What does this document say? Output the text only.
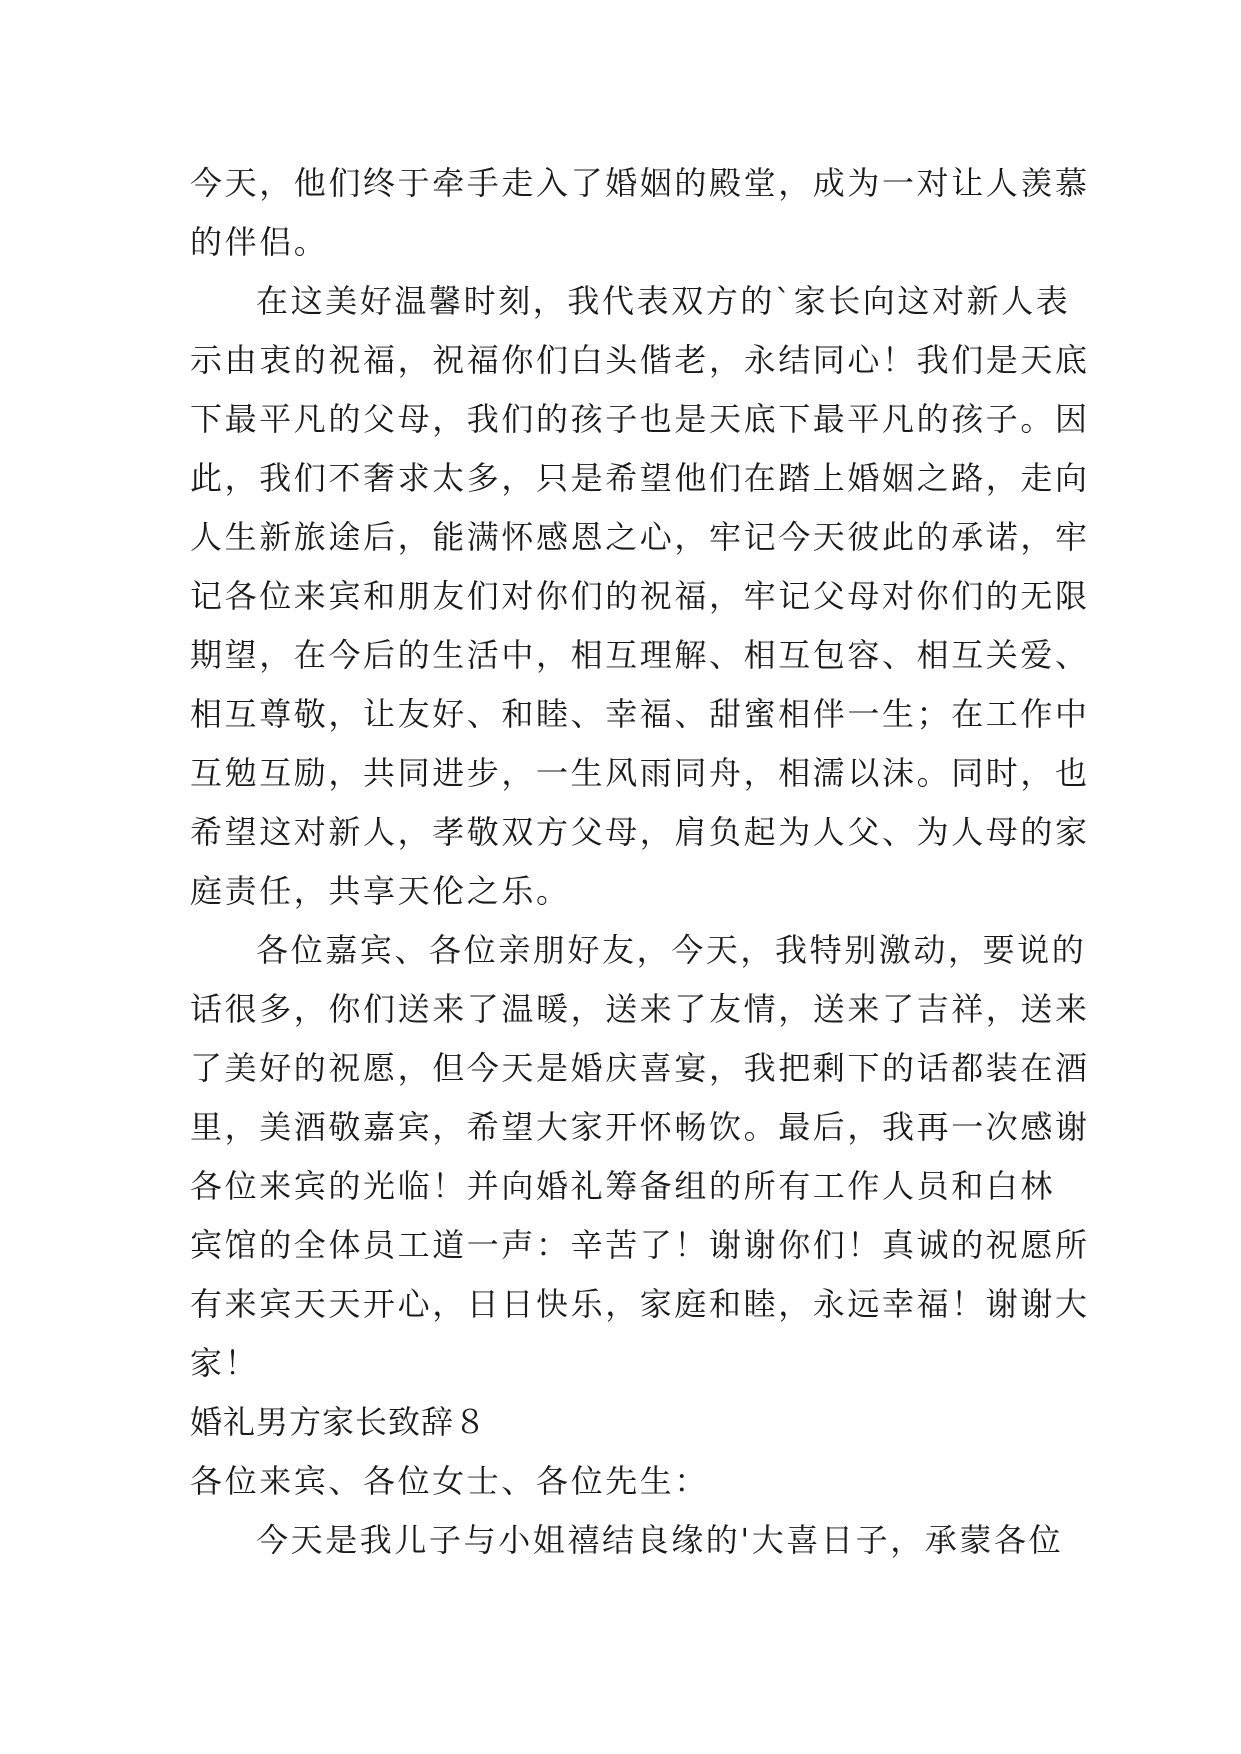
今天，他们终于牵手走入了婚姻的殿堂，成为一对让人羡慕
的伴侣。
在这美好温馨时刻，我代表双方的`家长向这对新人表
示由衷的祝福，祝福你们白头偕老，永结同心！我们是天底
下最平凡的父母，我们的孩子也是天底下最平凡的孩子。因
此，我们不奢求太多，只是希望他们在踏上婚姻之路，走向
人生新旅途后，能满怀感恩之心，牢记今天彼此的承诺，牢
记各位来宾和朋友们对你们的祝福，牢记父母对你们的无限
期望，在今后的生活中，相互理解、相互包容、相互关爱、
相互尊敬，让友好、和睦、幸福、甜蜜相伴一生；在工作中
互勉互励，共同进步，一生风雨同舟，相濡以沫。同时，也
希望这对新人，孝敬双方父母，肩负起为人父、为人母的家
庭责任，共享天伦之乐。
各位嘉宾、各位亲朋好友，今天，我特别激动，要说的
话很多，你们送来了温暖，送来了友情，送来了吉祥，送来
了美好的祝愿，但今天是婚庆喜宴，我把剩下的话都装在酒
里，美酒敬嘉宾，希望大家开怀畅饮。最后，我再一次感谢
各位来宾的光临！并向婚礼筹备组的所有工作人员和白林
宾馆的全体员工道一声：辛苦了！谢谢你们！真诚的祝愿所
有来宾天天开心，日日快乐，家庭和睦，永远幸福！谢谢大
家！
婚礼男方家长致辞８
各位来宾、各位女士、各位先生：
今天是我儿子与小姐禧结良缘的'大喜日子，承蒙各位
